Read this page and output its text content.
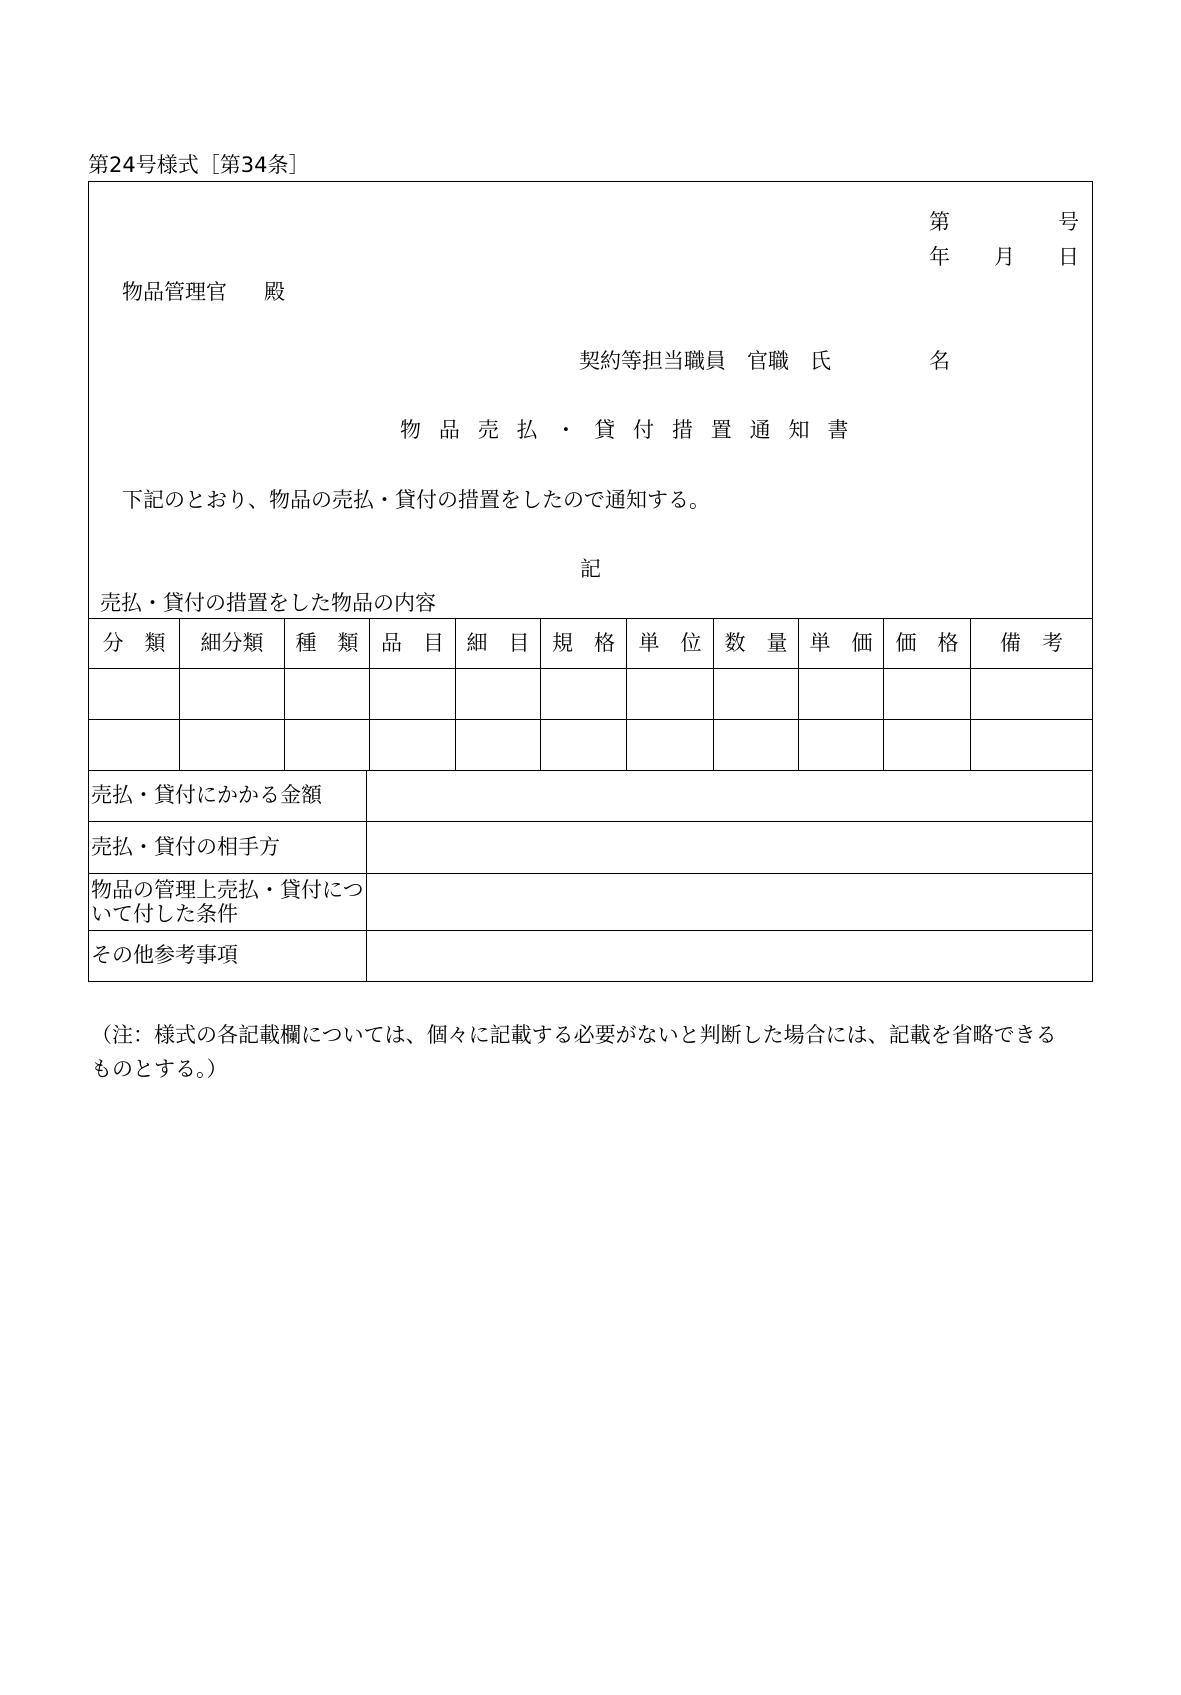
第24号様式［第34条］
第	号
年 月 日
物品管理官 殿
契約等担当職員　官職　氏	名
物品売払・貸付措置通知書
下記のとおり、物品の売払・貸付の措置をしたので通知する。
記
売払・貸付の措置をした物品の内容
分　類	細分類	種　類	品　目	細　目	規　格	単　位	数　量	単　価	価　格	備　考

売払・貸付にかかる金額	
売払・貸付の相手方	
物品の管理上売払・貸付について付した条件	
その他参考事項	
（注：様式の各記載欄については、個々に記載する必要がないと判断した場合には、記載を省略できる
ものとする。）
